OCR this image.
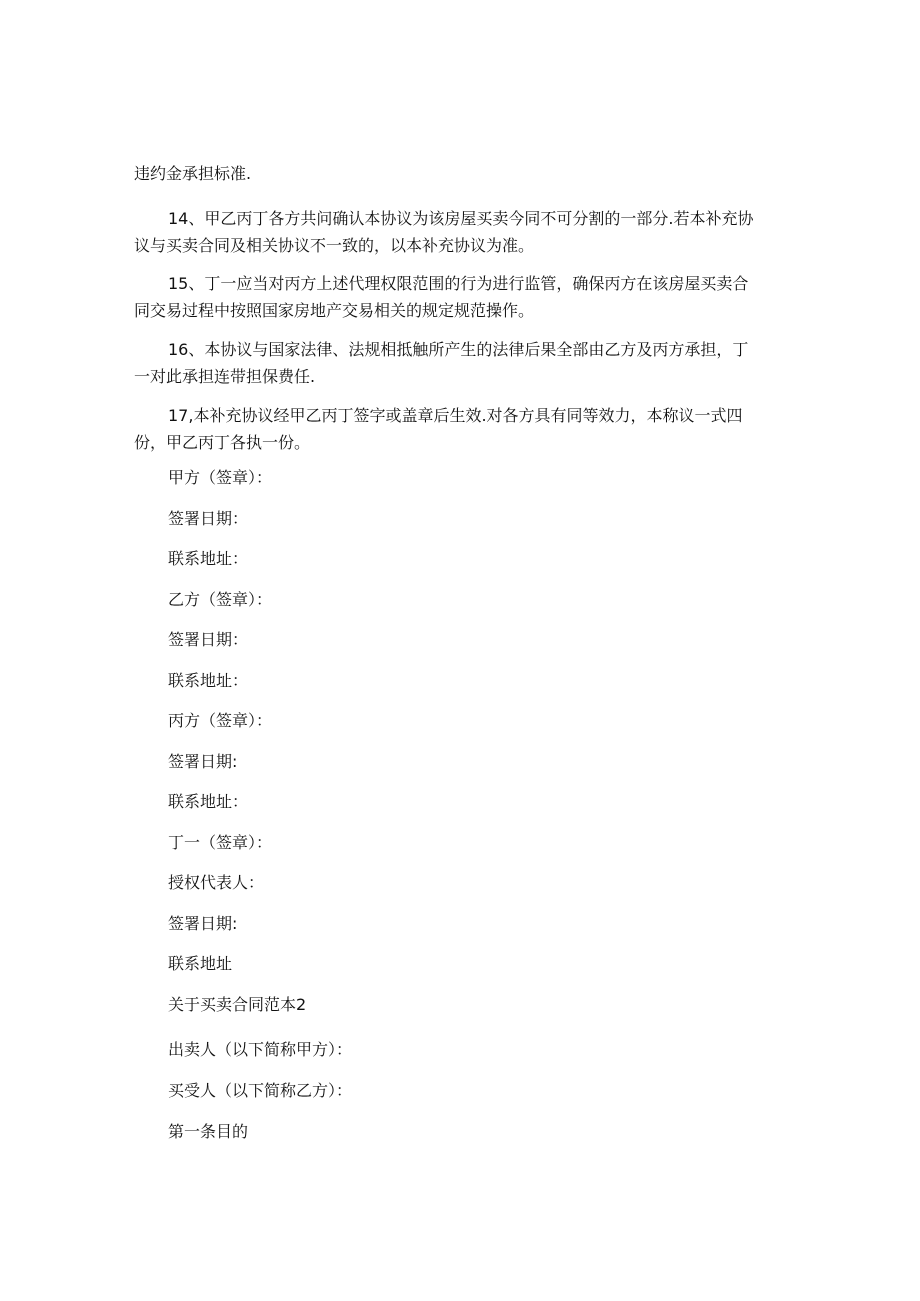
违约金承担标准.

14、甲乙丙丁各方共问确认本协议为该房屋买卖今同不可分割的一部分.若本补充协
议与买卖合同及相关协议不一致的，以本补充协议为准。

15、丁一应当对丙方上述代理权限范围的行为进行监管，确保丙方在该房屋买卖合
同交易过程中按照国家房地产交易相关的规定规范操作。

16、本协议与国家法律、法规相抵触所产生的法律后果全部由乙方及丙方承担，丁
一对此承担连带担保费任.

17,本补充协议经甲乙丙丁签字或盖章后生效.对各方具有同等效力，本称议一式四
份，甲乙丙丁各执一份。

甲方（签章）：

签署日期：

联系地址：

乙方（签章）：

签署日期：

联系地址：

丙方（签章）：

签署日期:

联系地址：

丁一（签章）：

授权代表人：

签署日期:

联系地址

关于买卖合同范本2

出卖人（以下简称甲方）：

买受人（以下简称乙方）：

第一条目的
